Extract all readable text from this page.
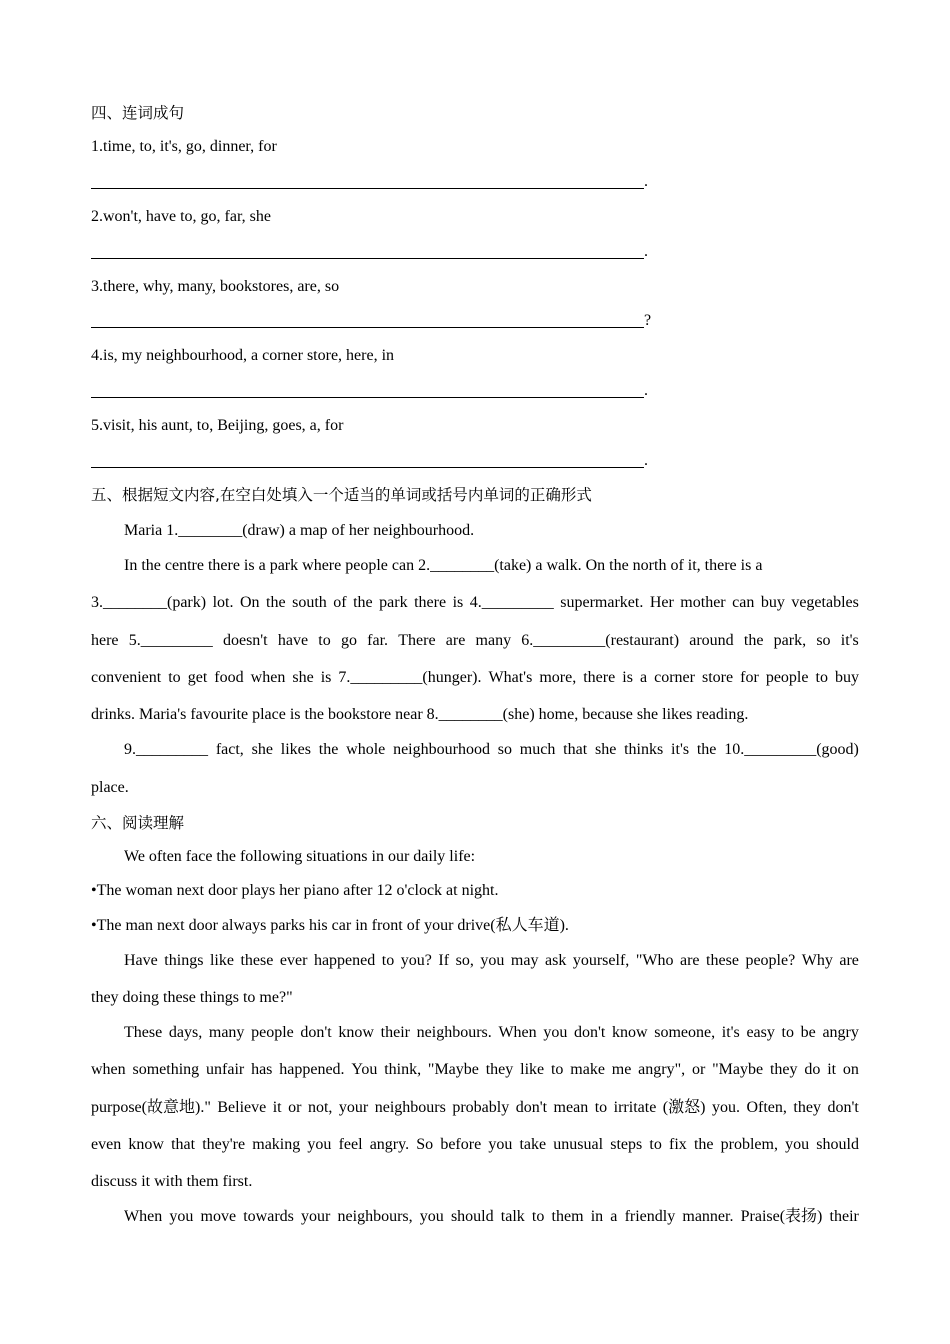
四、连词成句
1.time, to, it's, go, dinner, for
.
2.won't, have to, go, far, she
.
3.there, why, many, bookstores, are, so
?
4.is, my neighbourhood, a corner store, here, in
.
5.visit, his aunt, to, Beijing, goes, a, for
.
五、根据短文内容,在空白处填入一个适当的单词或括号内单词的正确形式
Maria 1.________(draw) a map of her neighbourhood.
In the centre there is a park where people can 2.________(take) a walk. On the north of it, there is a
3.________(park) lot. On the south of the park there is 4._________ supermarket. Her mother can buy vegetables
here 5._________ doesn't have to go far. There are many 6._________(restaurant) around the park, so it's
convenient to get food when she is 7._________(hunger). What's more, there is a corner store for people to buy
drinks. Maria's favourite place is the bookstore near 8.________(she) home, because she likes reading.
9._________ fact, she likes the whole neighbourhood so much that she thinks it's the 10._________(good)
place.
六、阅读理解
We often face the following situations in our daily life:
•The woman next door plays her piano after 12 o'clock at night.
•The man next door always parks his car in front of your drive(私人车道).
Have things like these ever happened to you? If so, you may ask yourself, "Who are these people? Why are
they doing these things to me?"
These days, many people don't know their neighbours. When you don't know someone, it's easy to be angry
when something unfair has happened. You think, "Maybe they like to make me angry", or "Maybe they do it on
purpose(故意地)." Believe it or not, your neighbours probably don't mean to irritate (激怒) you. Often, they don't
even know that they're making you feel angry. So before you take unusual steps to fix the problem, you should
discuss it with them first.
When you move towards your neighbours, you should talk to them in a friendly manner. Praise(表扬) their
